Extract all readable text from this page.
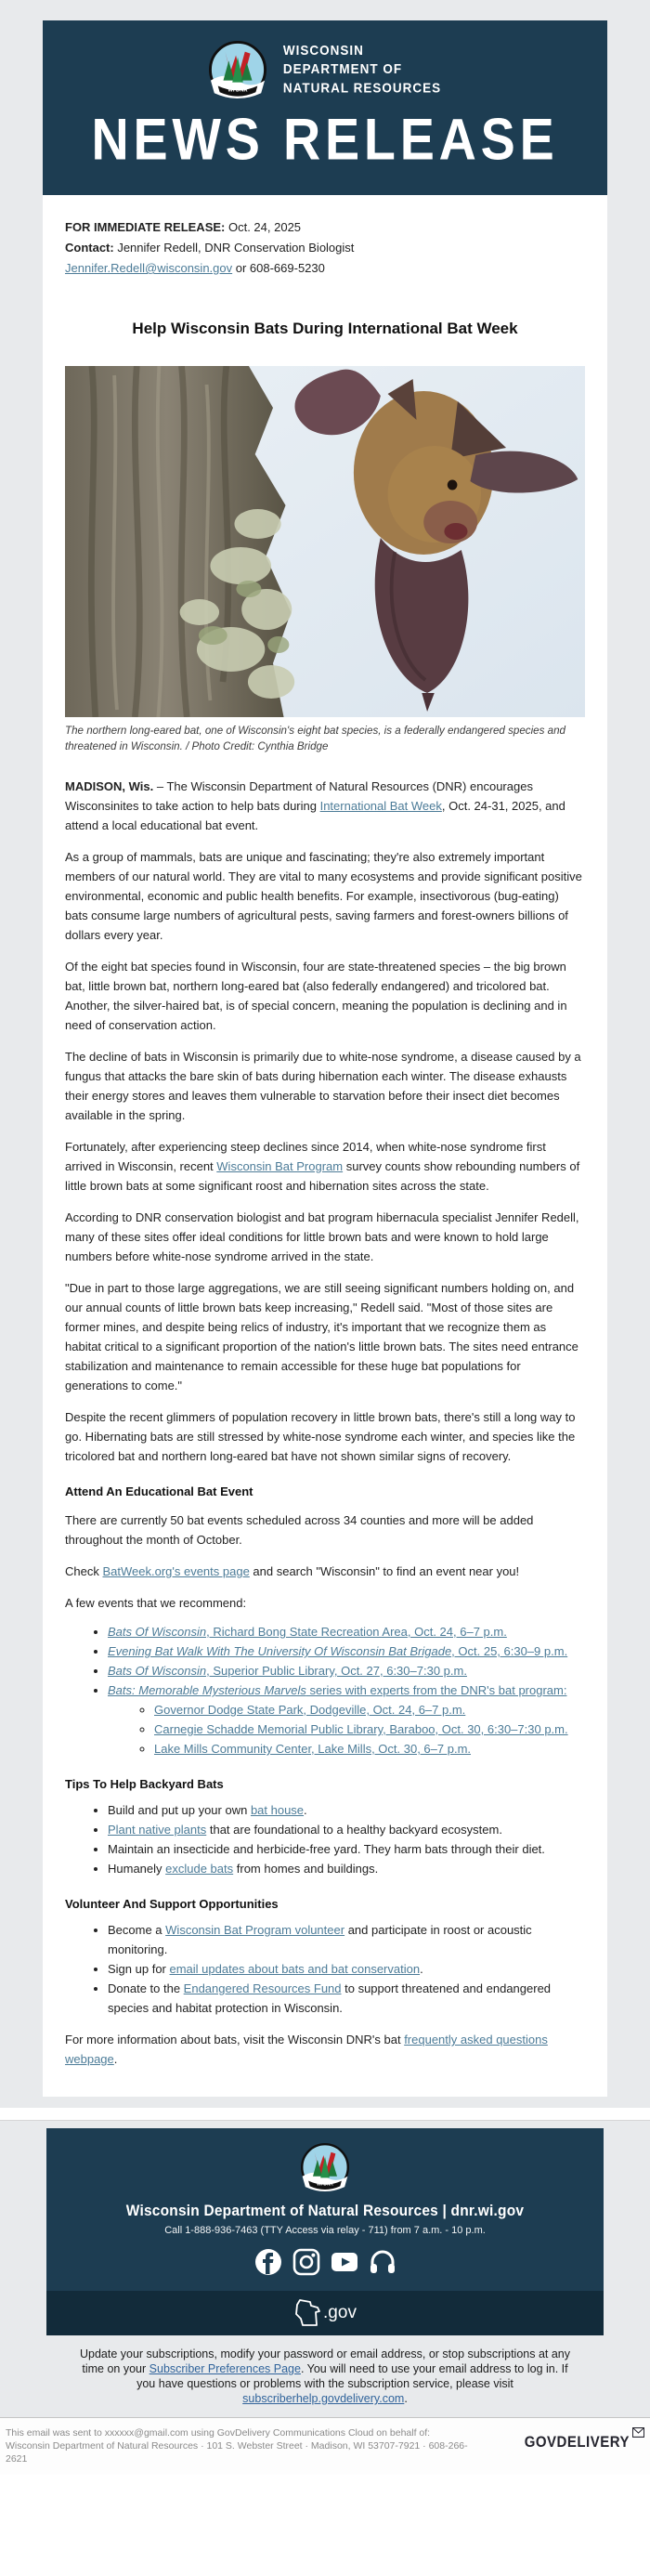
WI DNR
WISCONSIN
DEPARTMENT OF
NATURAL RESOURCES
NEWS RELEASE

FOR IMMEDIATE RELEASE: Oct. 24, 2025

Contact: Jennifer Redell, DNR Conservation Biologist

Jennifer.Redell@wisconsin.gov or 608-669-5230

Help Wisconsin Bats During International Bat Week

The northern long-eared bat, one of Wisconsin's eight bat species, is a federally endangered species and threatened in Wisconsin. / Photo Credit: Cynthia Bridge

MADISON, Wis. – The Wisconsin Department of Natural Resources (DNR) encourages Wisconsinites to take action to help bats during International Bat Week, Oct. 24-31, 2025, and attend a local educational bat event.

As a group of mammals, bats are unique and fascinating; they're also extremely important members of our natural world. They are vital to many ecosystems and provide significant positive environmental, economic and public health benefits. For example, insectivorous (bug-eating) bats consume large numbers of agricultural pests, saving farmers and forest-owners billions of dollars every year.

Of the eight bat species found in Wisconsin, four are state-threatened species – the big brown bat, little brown bat, northern long-eared bat (also federally endangered) and tricolored bat. Another, the silver-haired bat, is of special concern, meaning the population is declining and in need of conservation action.

The decline of bats in Wisconsin is primarily due to white-nose syndrome, a disease caused by a fungus that attacks the bare skin of bats during hibernation each winter. The disease exhausts their energy stores and leaves them vulnerable to starvation before their insect diet becomes available in the spring.

Fortunately, after experiencing steep declines since 2014, when white-nose syndrome first arrived in Wisconsin, recent Wisconsin Bat Program survey counts show rebounding numbers of little brown bats at some significant roost and hibernation sites across the state.

According to DNR conservation biologist and bat program hibernacula specialist Jennifer Redell, many of these sites offer ideal conditions for little brown bats and were known to hold large numbers before white-nose syndrome arrived in the state.

"Due in part to those large aggregations, we are still seeing significant numbers holding on, and our annual counts of little brown bats keep increasing," Redell said. "Most of those sites are former mines, and despite being relics of industry, it's important that we recognize them as habitat critical to a significant proportion of the nation's little brown bats. The sites need entrance stabilization and maintenance to remain accessible for these huge bat populations for generations to come."

Despite the recent glimmers of population recovery in little brown bats, there's still a long way to go. Hibernating bats are still stressed by white-nose syndrome each winter, and species like the tricolored bat and northern long-eared bat have not shown similar signs of recovery.

Attend An Educational Bat Event

There are currently 50 bat events scheduled across 34 counties and more will be added throughout the month of October.

Check BatWeek.org's events page and search "Wisconsin" to find an event near you!

A few events that we recommend:

• Bats Of Wisconsin, Richard Bong State Recreation Area, Oct. 24, 6–7 p.m.
• Evening Bat Walk With The University Of Wisconsin Bat Brigade, Oct. 25, 6:30–9 p.m.
• Bats Of Wisconsin, Superior Public Library, Oct. 27, 6:30–7:30 p.m.
• Bats: Memorable Mysterious Marvels series with experts from the DNR's bat program:
◦ Governor Dodge State Park, Dodgeville, Oct. 24, 6–7 p.m.
◦ Carnegie Schadde Memorial Public Library, Baraboo, Oct. 30, 6:30–7:30 p.m.
◦ Lake Mills Community Center, Lake Mills, Oct. 30, 6–7 p.m.
Tips To Help Backyard Bats
• Build and put up your own bat house.
• Plant native plants that are foundational to a healthy backyard ecosystem.
• Maintain an insecticide and herbicide-free yard. They harm bats through their diet.
• Humanely exclude bats from homes and buildings.
Volunteer And Support Opportunities
• Become a Wisconsin Bat Program volunteer and participate in roost or acoustic monitoring.
• Sign up for email updates about bats and bat conservation.
• Donate to the Endangered Resources Fund to support threatened and endangered species and habitat protection in Wisconsin.

For more information about bats, visit the Wisconsin DNR's bat frequently asked questions webpage.

WI DNR
Wisconsin Department of Natural Resources | dnr.wi.gov
Call 1-888-936-7463 (TTY Access via relay - 711) from 7 a.m. - 10 p.m.
.gov

Update your subscriptions, modify your password or email address, or stop subscriptions at any time on your Subscriber Preferences Page. You will need to use your email address to log in. If you have questions or problems with the subscription service, please visit subscriberhelp.govdelivery.com.

This email was sent to xxxxxx@gmail.com using GovDelivery Communications Cloud on behalf of: Wisconsin Department of Natural Resources · 101 S. Webster Street · Madison, WI 53707-7921 · 608-266-2621

GOVDELIVERY
